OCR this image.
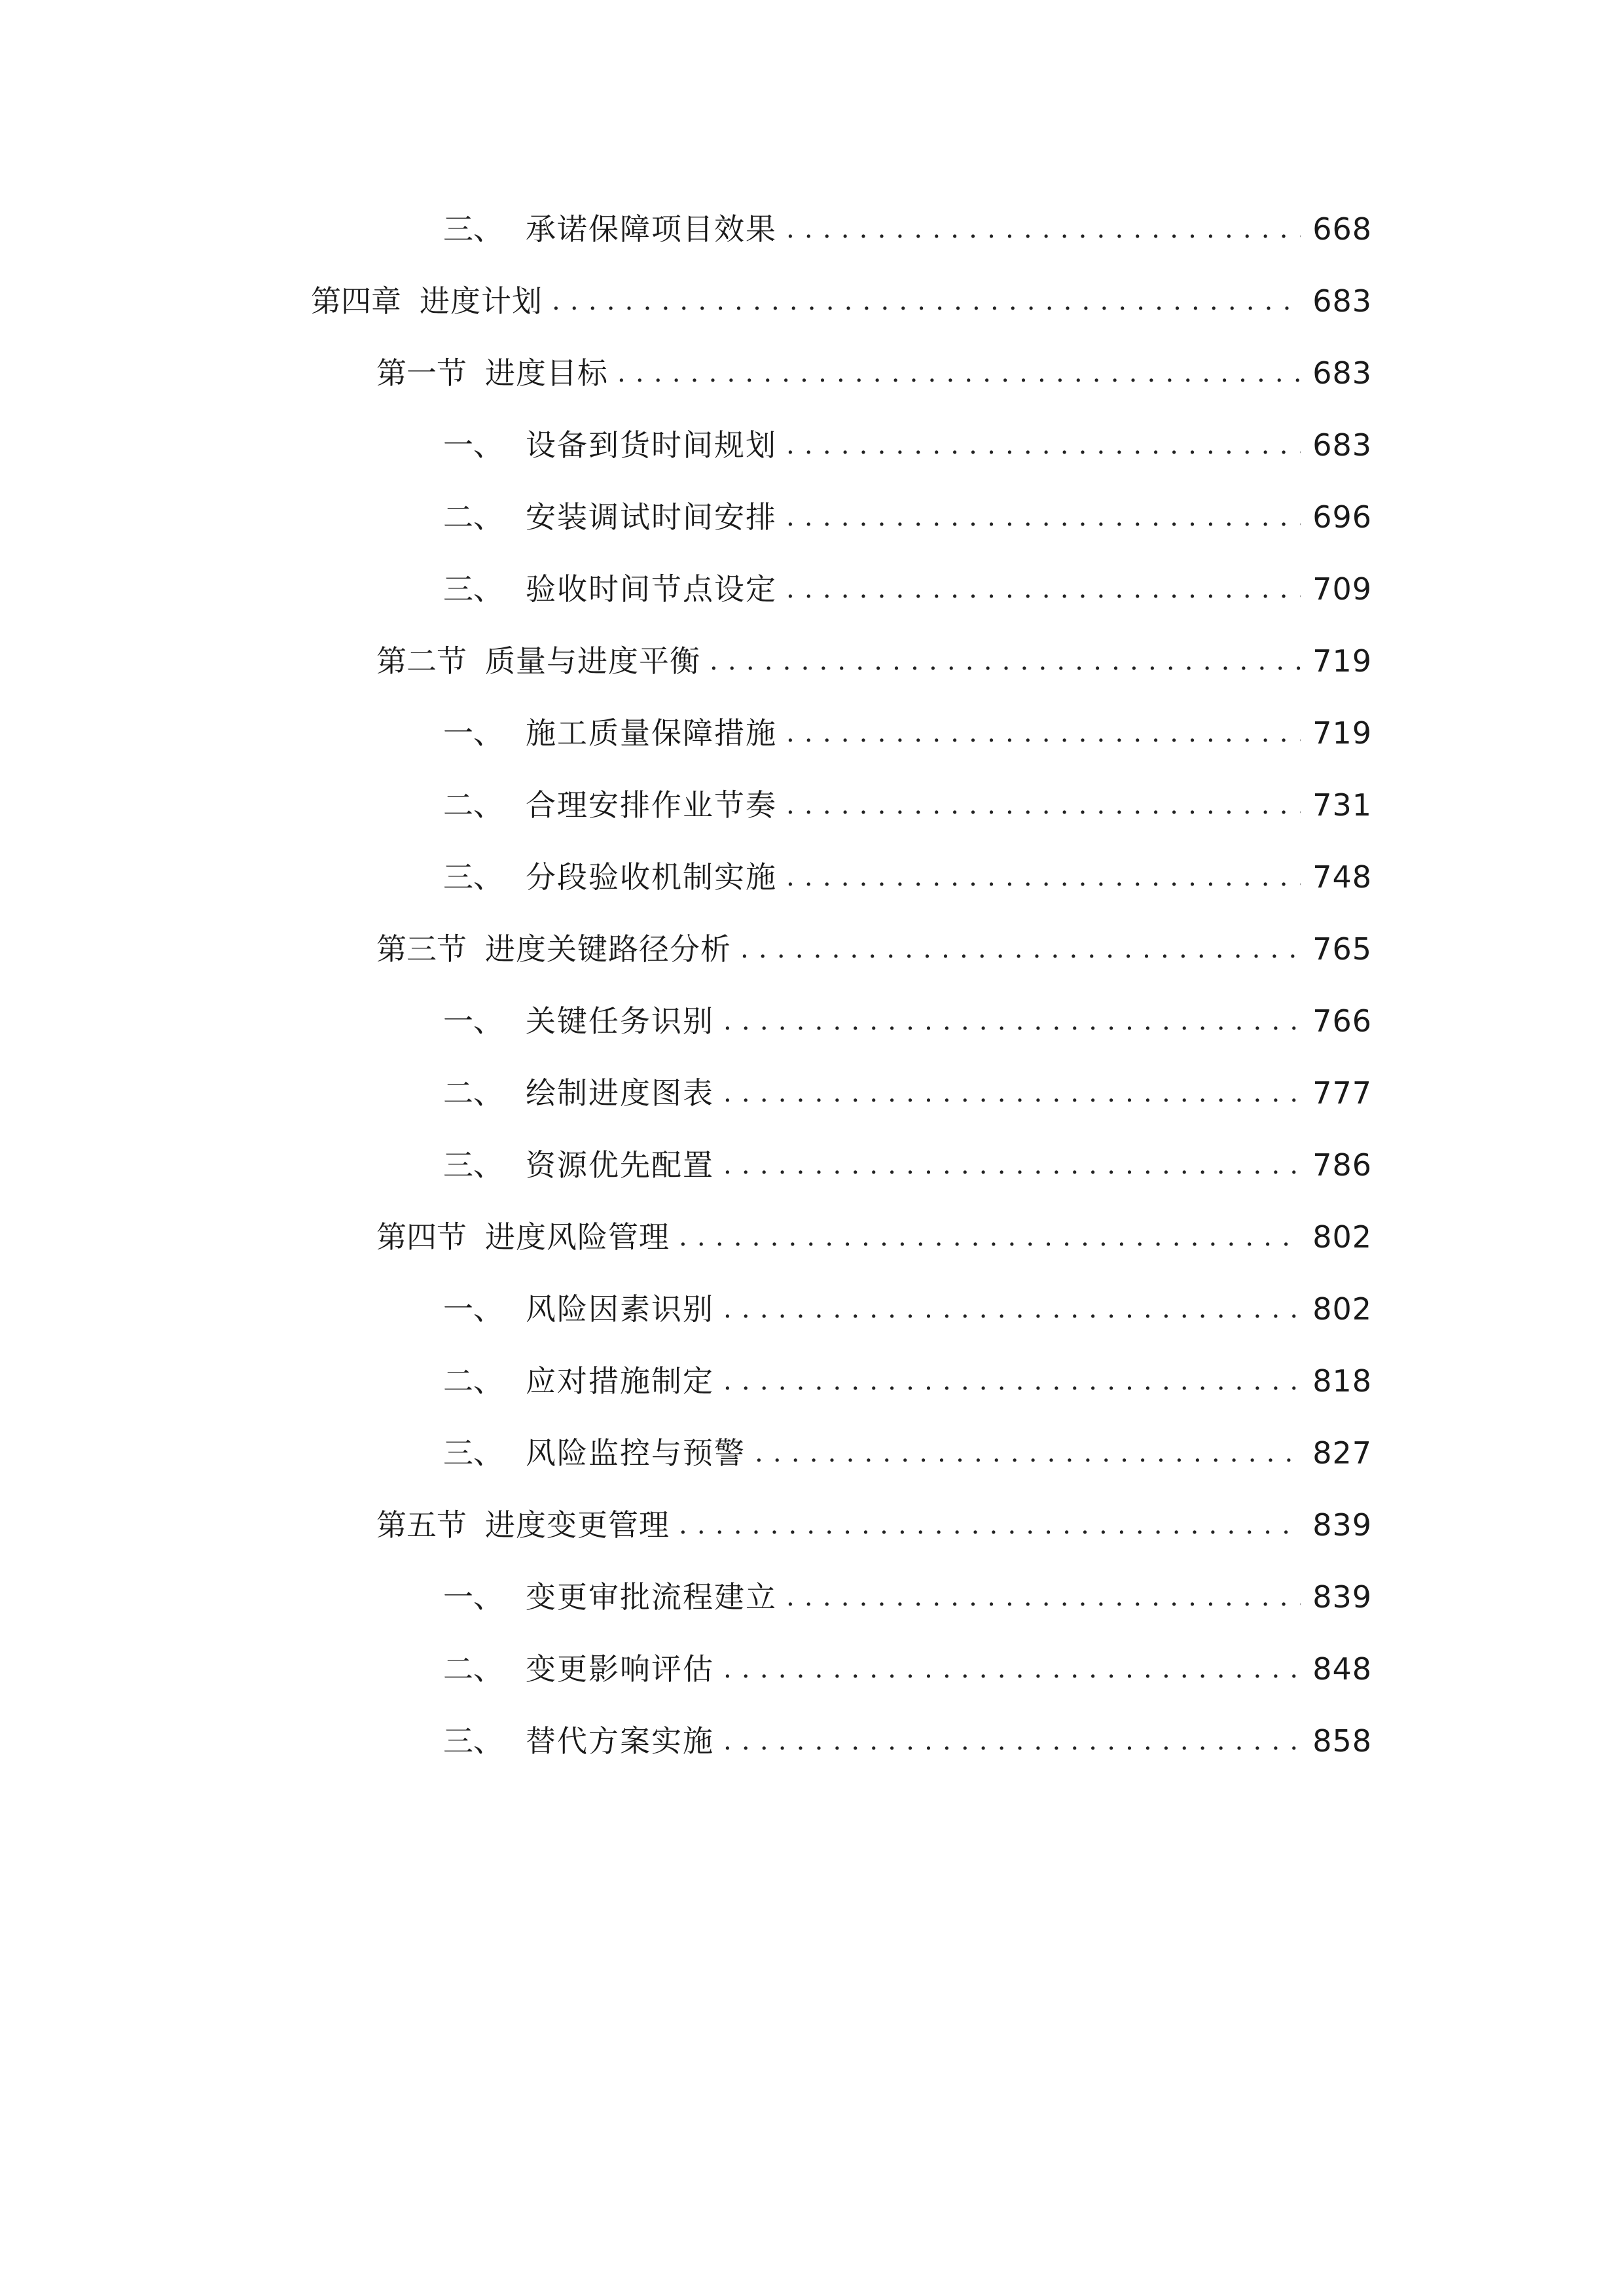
三、 承诺保障项目效果 .....	668
第四章 进度计划 .....	683
第一节 进度目标 .....	683
一、 设备到货时间规划 .....	683
二、 安装调试时间安排 .....	696
三、 验收时间节点设定 .....	709
第二节 质量与进度平衡 .....	719
一、 施工质量保障措施 .....	719
二、 合理安排作业节奏 .....	731
三、 分段验收机制实施 .....	748
第三节 进度关键路径分析 .....	765
一、 关键任务识别 .....	766
二、 绘制进度图表 .....	777
三、 资源优先配置 .....	786
第四节 进度风险管理 .....	802
一、 风险因素识别 .....	802
二、 应对措施制定 .....	818
三、 风险监控与预警 .....	827
第五节 进度变更管理 .....	839
一、 变更审批流程建立 .....	839
二、 变更影响评估 .....	848
三、 替代方案实施 .....	858
